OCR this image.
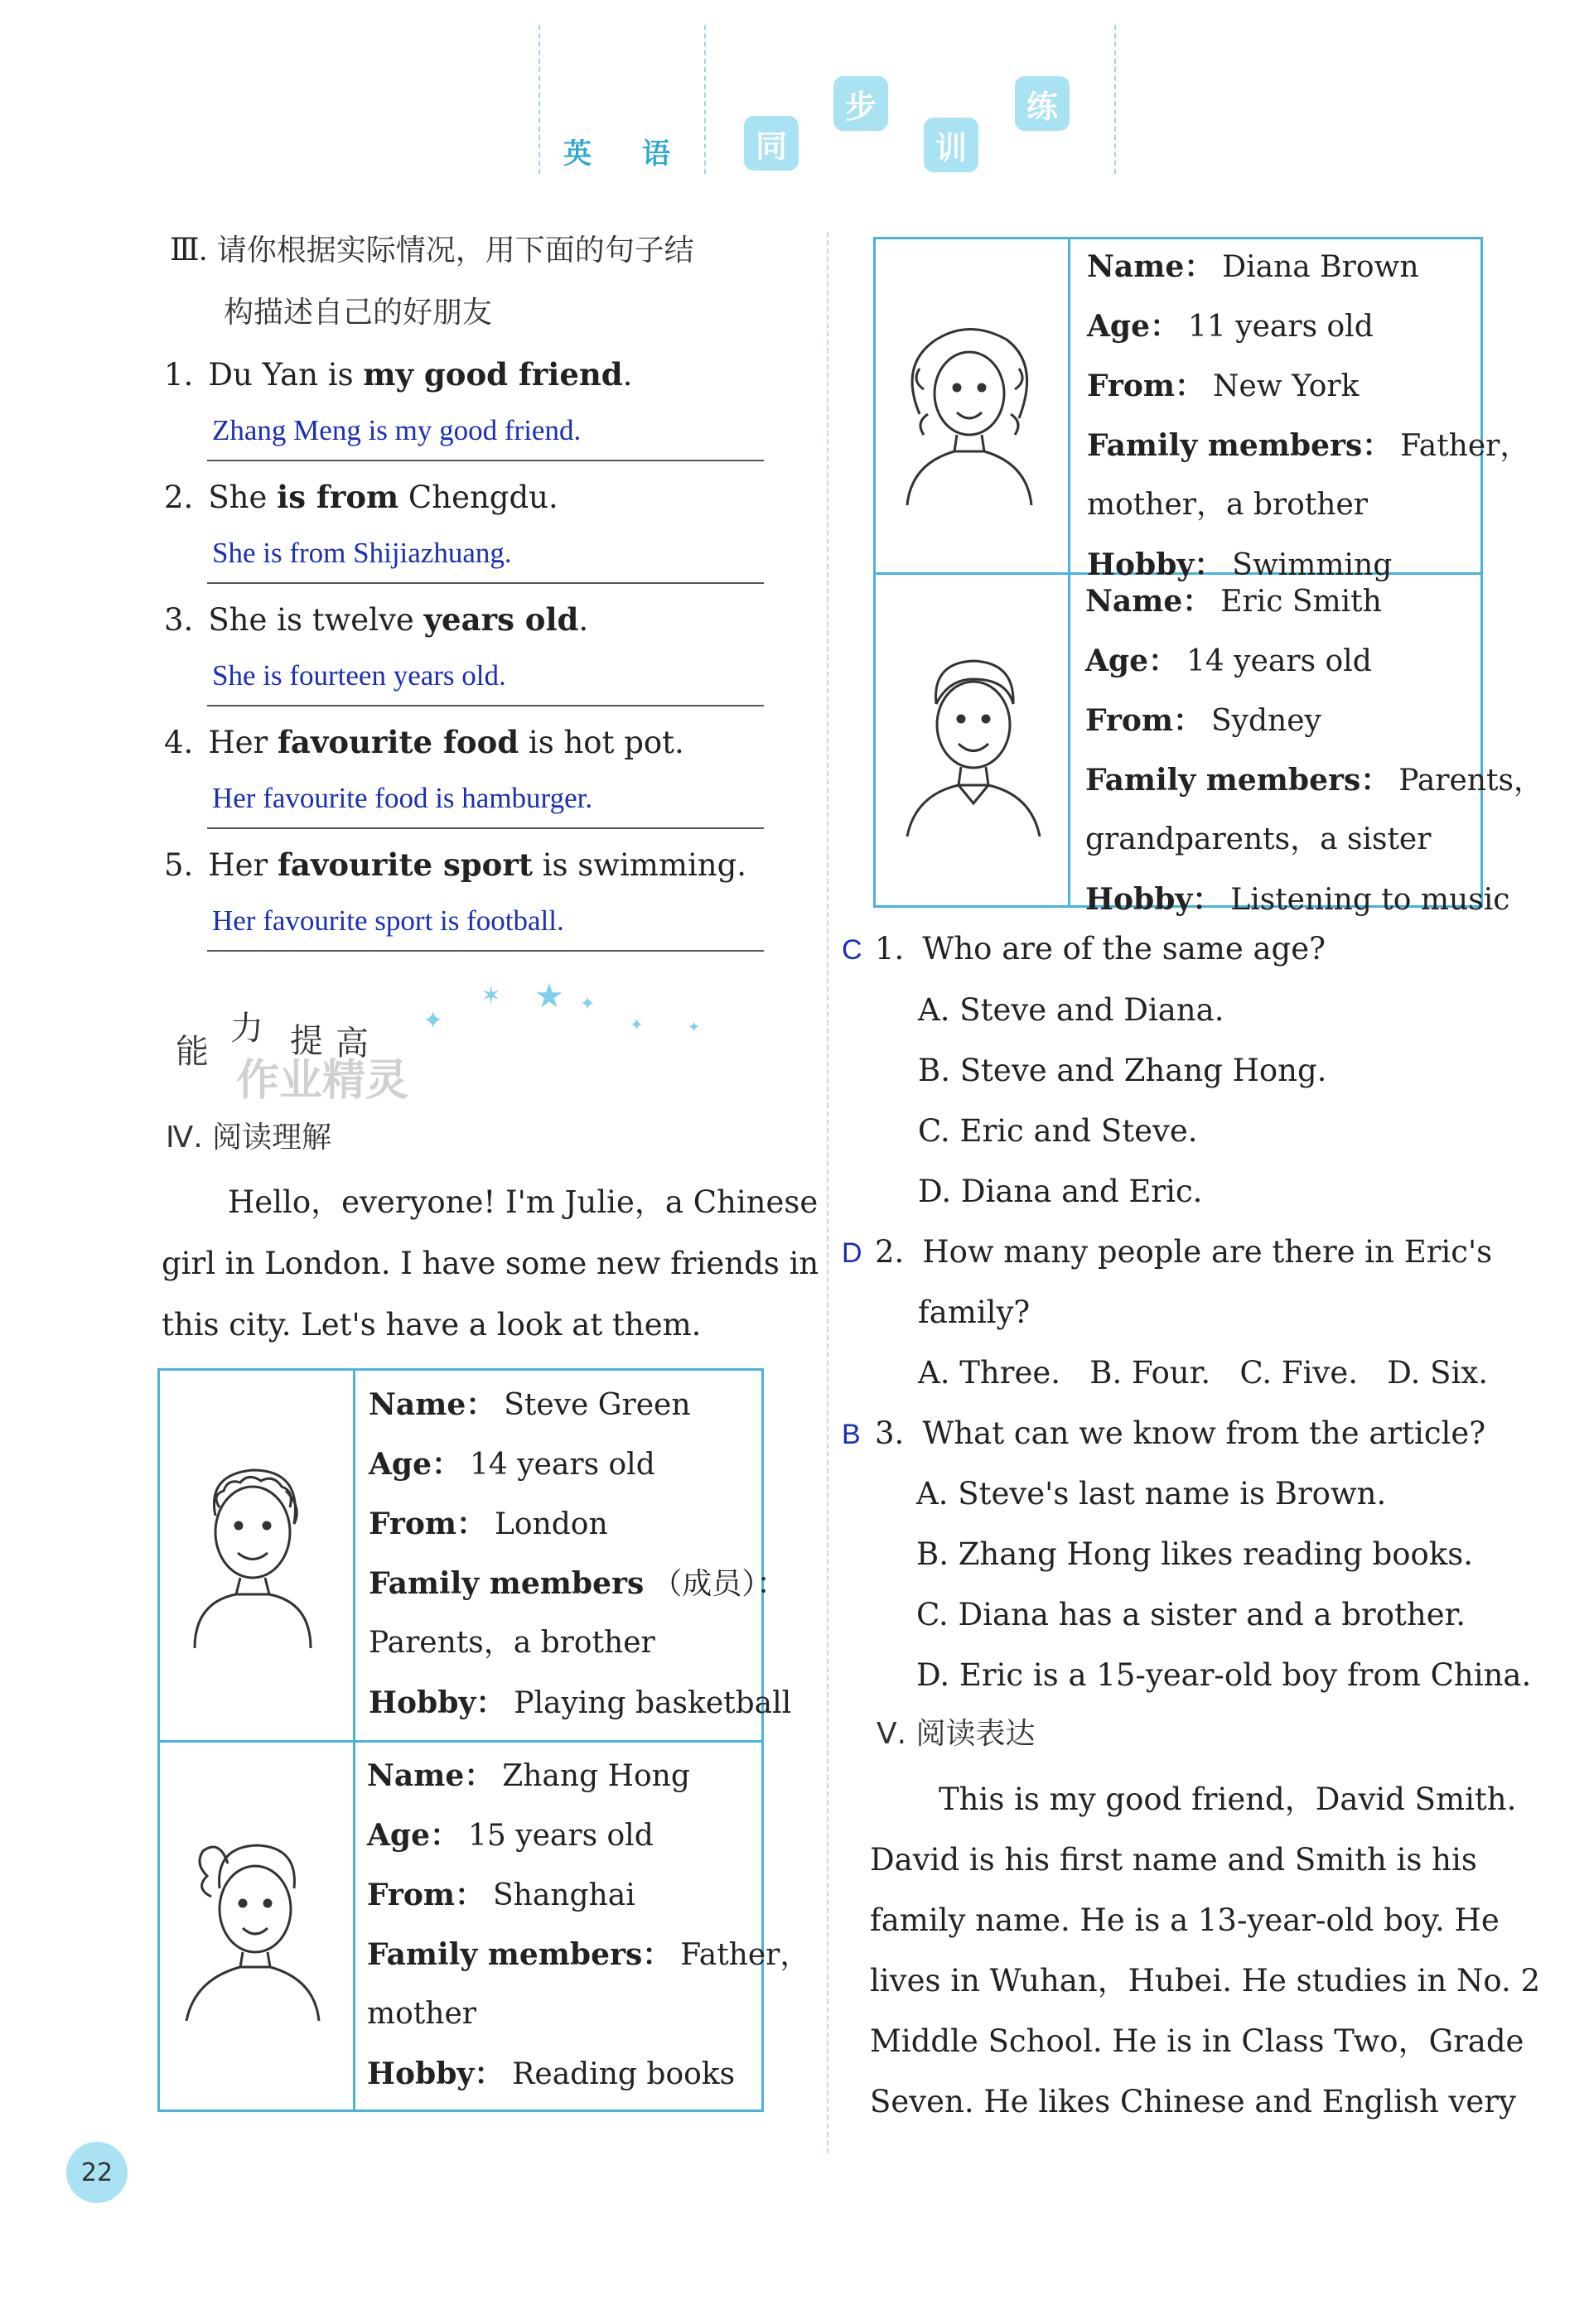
英 语	同
步
训
练
Ⅲ. 请你根据实际情况，用下面的句子结
构描述自己的好朋友
1. Du Yan is my good friend.
Zhang Meng is my good friend.
2. She is from Chengdu.
She is from Shijiazhuang.
3. She is twelve years old.
She is fourteen years old.
4. Her favourite food is hot pot.
Her favourite food is hamburger.
5. Her favourite sport is swimming.
Her favourite sport is football.
能
力 提 高
作业精灵
✦
✶ ★ ✦
✦	✦
Ⅳ. 阅读理解
Hello，everyone! I'm Julie，a Chinese
girl in London. I have some new friends in
this city. Let's have a look at them.
Name： Steve Green
Age： 14 years old
From： London
Family members （成员）：
Parents，a brother
Hobby： Playing basketball
Name： Zhang Hong
Age： 15 years old
From： Shanghai
Family members： Father，
mother
Hobby： Reading books
Name： Diana Brown
Age： 11 years old
From： New York
Family members： Father，
mother，a brother
Hobby： Swimming
Name： Eric Smith
Age： 14 years old
From： Sydney
Family members： Parents，
grandparents，a sister
Hobby： Listening to music
C 1. Who are of the same age?
A. Steve and Diana.
B. Steve and Zhang Hong.
C. Eric and Steve.
D. Diana and Eric.
D 2. How many people are there in Eric's
family?
A. Three.   B. Four.   C. Five.   D. Six.
B 3. What can we know from the article?
A. Steve's last name is Brown.
B. Zhang Hong likes reading books.
C. Diana has a sister and a brother.
D. Eric is a 15-year-old boy from China.
Ⅴ. 阅读表达
This is my good friend，David Smith.
David is his first name and Smith is his
family name. He is a 13-year-old boy. He
lives in Wuhan，Hubei. He studies in No. 2
Middle School. He is in Class Two，Grade
Seven. He likes Chinese and English very
22
